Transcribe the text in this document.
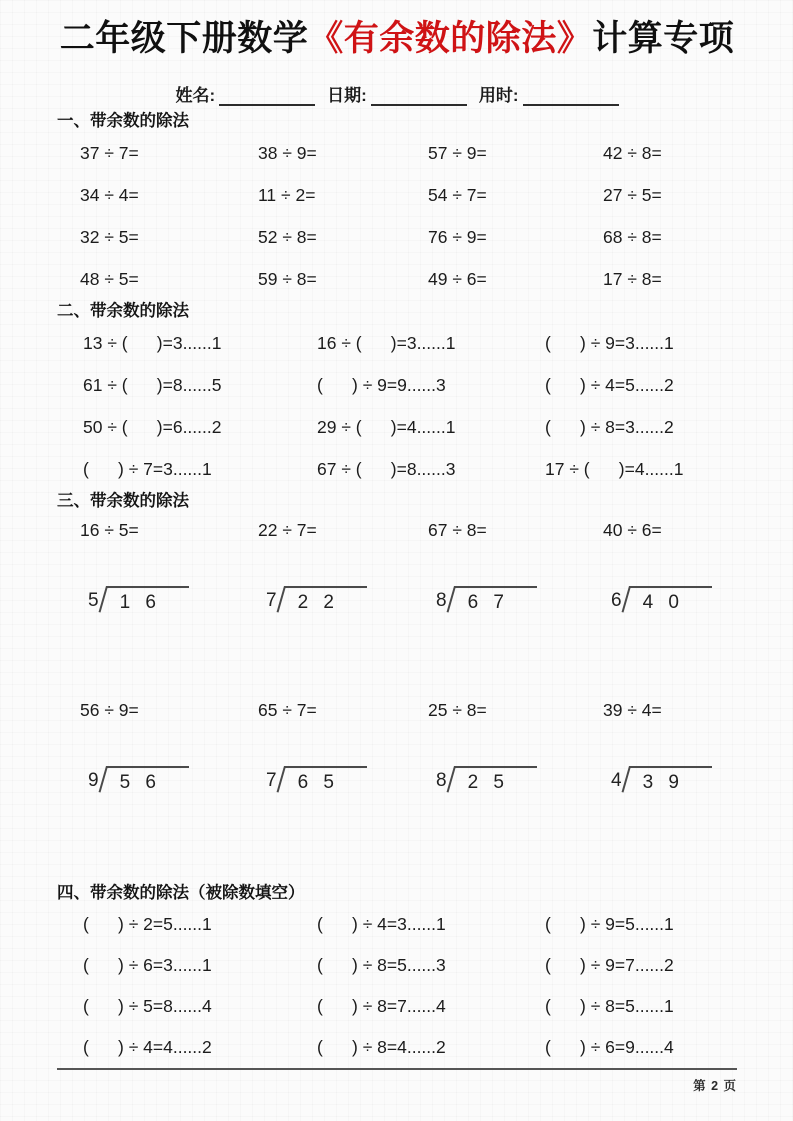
二年级下册数学《有余数的除法》计算专项
姓名:	日期:	用时:
一、带余数的除法
37 ÷ 7=	38 ÷ 9=	57 ÷ 9=	42 ÷ 8=
34 ÷ 4=	11 ÷ 2=	54 ÷ 7=	27 ÷ 5=
32 ÷ 5=	52 ÷ 8=	76 ÷ 9=	68 ÷ 8=
48 ÷ 5=	59 ÷ 8=	49 ÷ 6=	17 ÷ 8=
二、带余数的除法
13 ÷ (      )=3......1	16 ÷ (      )=3......1	(      ) ÷ 9=3......1
61 ÷ (      )=8......5	(      ) ÷ 9=9......3	(      ) ÷ 4=5......2
50 ÷ (      )=6......2	29 ÷ (      )=4......1	(      ) ÷ 8=3......2
(      ) ÷ 7=3......1	67 ÷ (      )=8......3	17 ÷ (      )=4......1
三、带余数的除法
16 ÷ 5=	22 ÷ 7=	67 ÷ 8=	40 ÷ 6=
5	1 6	7	2 2	8	6 7	6	4 0
56 ÷ 9=	65 ÷ 7=	25 ÷ 8=	39 ÷ 4=
9	5 6	7	6 5	8	2 5	4	3 9
四、带余数的除法（被除数填空）
(      ) ÷ 2=5......1	(      ) ÷ 4=3......1	(      ) ÷ 9=5......1
(      ) ÷ 6=3......1	(      ) ÷ 8=5......3	(      ) ÷ 9=7......2
(      ) ÷ 5=8......4	(      ) ÷ 8=7......4	(      ) ÷ 8=5......1
(      ) ÷ 4=4......2	(      ) ÷ 8=4......2	(      ) ÷ 6=9......4
第 2 页
